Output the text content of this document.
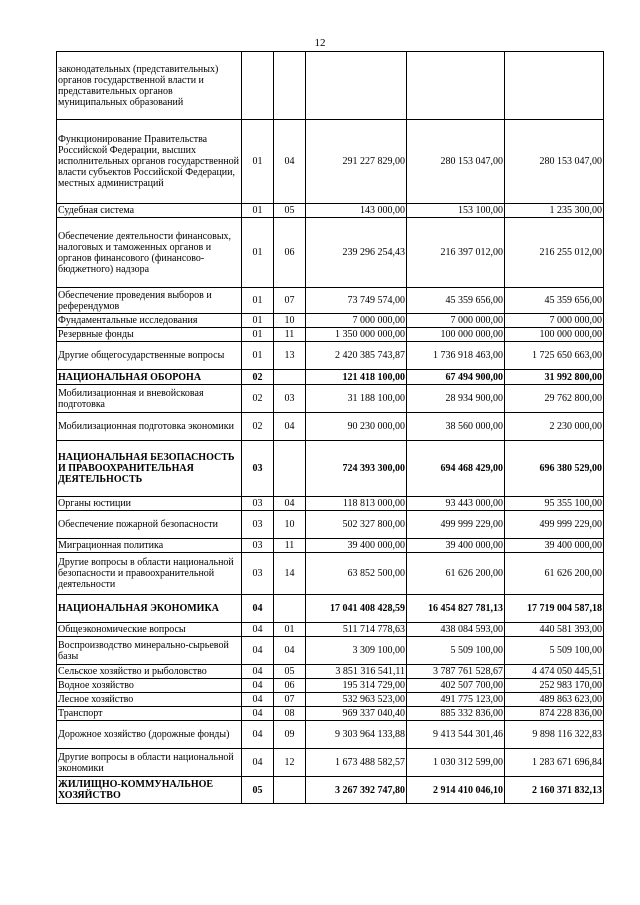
12
законодательных (представительных) органов государственной власти и представительных органов муниципальных образований					
Функционирование Правительства Российской Федерации, высших исполнительных органов государственной власти субъектов Российской Федерации, местных администраций	01	04	291 227 829,00	280 153 047,00	280 153 047,00
Судебная система	01	05	143 000,00	153 100,00	1 235 300,00
Обеспечение деятельности финансовых, налоговых и таможенных органов и органов финансового (финансово-бюджетного) надзора	01	06	239 296 254,43	216 397 012,00	216 255 012,00
Обеспечение проведения выборов и референдумов	01	07	73 749 574,00	45 359 656,00	45 359 656,00
Фундаментальные исследования	01	10	7 000 000,00	7 000 000,00	7 000 000,00
Резервные фонды	01	11	1 350 000 000,00	100 000 000,00	100 000 000,00
Другие общегосударственные вопросы	01	13	2 420 385 743,87	1 736 918 463,00	1 725 650 663,00
НАЦИОНАЛЬНАЯ ОБОРОНА	02		121 418 100,00	67 494 900,00	31 992 800,00
Мобилизационная и вневойсковая подготовка	02	03	31 188 100,00	28 934 900,00	29 762 800,00
Мобилизационная подготовка экономики	02	04	90 230 000,00	38 560 000,00	2 230 000,00
НАЦИОНАЛЬНАЯ БЕЗОПАСНОСТЬ И ПРАВООХРАНИТЕЛЬНАЯ ДЕЯТЕЛЬНОСТЬ	03		724 393 300,00	694 468 429,00	696 380 529,00
Органы юстиции	03	04	118 813 000,00	93 443 000,00	95 355 100,00
Обеспечение пожарной безопасности	03	10	502 327 800,00	499 999 229,00	499 999 229,00
Миграционная политика	03	11	39 400 000,00	39 400 000,00	39 400 000,00
Другие вопросы в области национальной безопасности и правоохранительной деятельности	03	14	63 852 500,00	61 626 200,00	61 626 200,00
НАЦИОНАЛЬНАЯ ЭКОНОМИКА	04		17 041 408 428,59	16 454 827 781,13	17 719 004 587,18
Общеэкономические вопросы	04	01	511 714 778,63	438 084 593,00	440 581 393,00
Воспроизводство минерально-сырьевой базы	04	04	3 309 100,00	5 509 100,00	5 509 100,00
Сельское хозяйство и рыболовство	04	05	3 851 316 541,11	3 787 761 528,67	4 474 050 445,51
Водное хозяйство	04	06	195 314 729,00	402 507 700,00	252 983 170,00
Лесное хозяйство	04	07	532 963 523,00	491 775 123,00	489 863 623,00
Транспорт	04	08	969 337 040,40	885 332 836,00	874 228 836,00
Дорожное хозяйство (дорожные фонды)	04	09	9 303 964 133,88	9 413 544 301,46	9 898 116 322,83
Другие вопросы в области национальной экономики	04	12	1 673 488 582,57	1 030 312 599,00	1 283 671 696,84
ЖИЛИЩНО-КОММУНАЛЬНОЕ ХОЗЯЙСТВО	05		3 267 392 747,80	2 914 410 046,10	2 160 371 832,13
